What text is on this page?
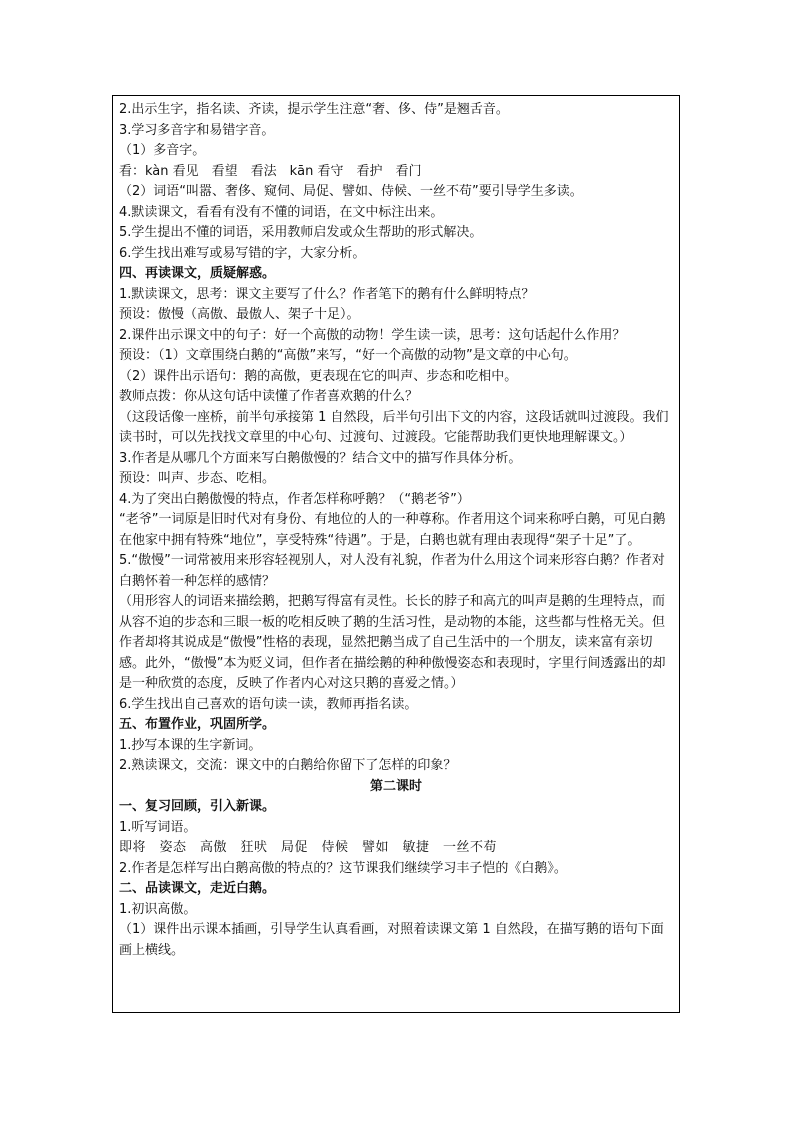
2.出示生字，指名读、齐读，提示学生注意“奢、侈、侍”是翘舌音。
3.学习多音字和易错字音。
（1）多音字。
看：kàn 看见　看望　看法　kān 看守　看护　看门
（2）词语“叫嚣、奢侈、窥伺、局促、譬如、侍候、一丝不苟”要引导学生多读。
4.默读课文，看看有没有不懂的词语，在文中标注出来。
5.学生提出不懂的词语，采用教师启发或众生帮助的形式解决。
6.学生找出难写或易写错的字，大家分析。
四、再读课文，质疑解惑。
1.默读课文，思考：课文主要写了什么？作者笔下的鹅有什么鲜明特点？
预设：傲慢（高傲、最傲人、架子十足）。
2.课件出示课文中的句子：好一个高傲的动物！学生读一读，思考：这句话起什么作用？
预设：（1）文章围绕白鹅的“高傲”来写，“好一个高傲的动物”是文章的中心句。
（2）课件出示语句：鹅的高傲，更表现在它的叫声、步态和吃相中。
教师点拨：你从这句话中读懂了作者喜欢鹅的什么？
（这段话像一座桥，前半句承接第 1 自然段，后半句引出下文的内容，这段话就叫过渡段。我们读书时，可以先找找文章里的中心句、过渡句、过渡段。它能帮助我们更快地理解课文。）
3.作者是从哪几个方面来写白鹅傲慢的？结合文中的描写作具体分析。
预设：叫声、步态、吃相。
4.为了突出白鹅傲慢的特点，作者怎样称呼鹅？（“鹅老爷”）
“老爷”一词原是旧时代对有身份、有地位的人的一种尊称。作者用这个词来称呼白鹅，可见白鹅在他家中拥有特殊“地位”，享受特殊“待遇”。于是，白鹅也就有理由表现得“架子十足”了。
5.“傲慢”一词常被用来形容轻视别人，对人没有礼貌，作者为什么用这个词来形容白鹅？作者对白鹅怀着一种怎样的感情？
（用形容人的词语来描绘鹅，把鹅写得富有灵性。长长的脖子和高亢的叫声是鹅的生理特点，而从容不迫的步态和三眼一板的吃相反映了鹅的生活习性，是动物的本能，这些都与性格无关。但作者却将其说成是“傲慢”性格的表现，显然把鹅当成了自己生活中的一个朋友，读来富有亲切感。此外，“傲慢”本为贬义词，但作者在描绘鹅的种种傲慢姿态和表现时，字里行间透露出的却是一种欣赏的态度，反映了作者内心对这只鹅的喜爱之情。）
6.学生找出自己喜欢的语句读一读，教师再指名读。
五、布置作业，巩固所学。
1.抄写本课的生字新词。
2.熟读课文，交流：课文中的白鹅给你留下了怎样的印象？
第二课时
一、复习回顾，引入新课。
1.听写词语。
即将　姿态　高傲　狂吠　局促　侍候　譬如　敏捷　一丝不苟
2.作者是怎样写出白鹅高傲的特点的？这节课我们继续学习丰子恺的《白鹅》。
二、品读课文，走近白鹅。
1.初识高傲。
（1）课件出示课本插画，引导学生认真看画，对照着读课文第 1 自然段，在描写鹅的语句下面画上横线。
